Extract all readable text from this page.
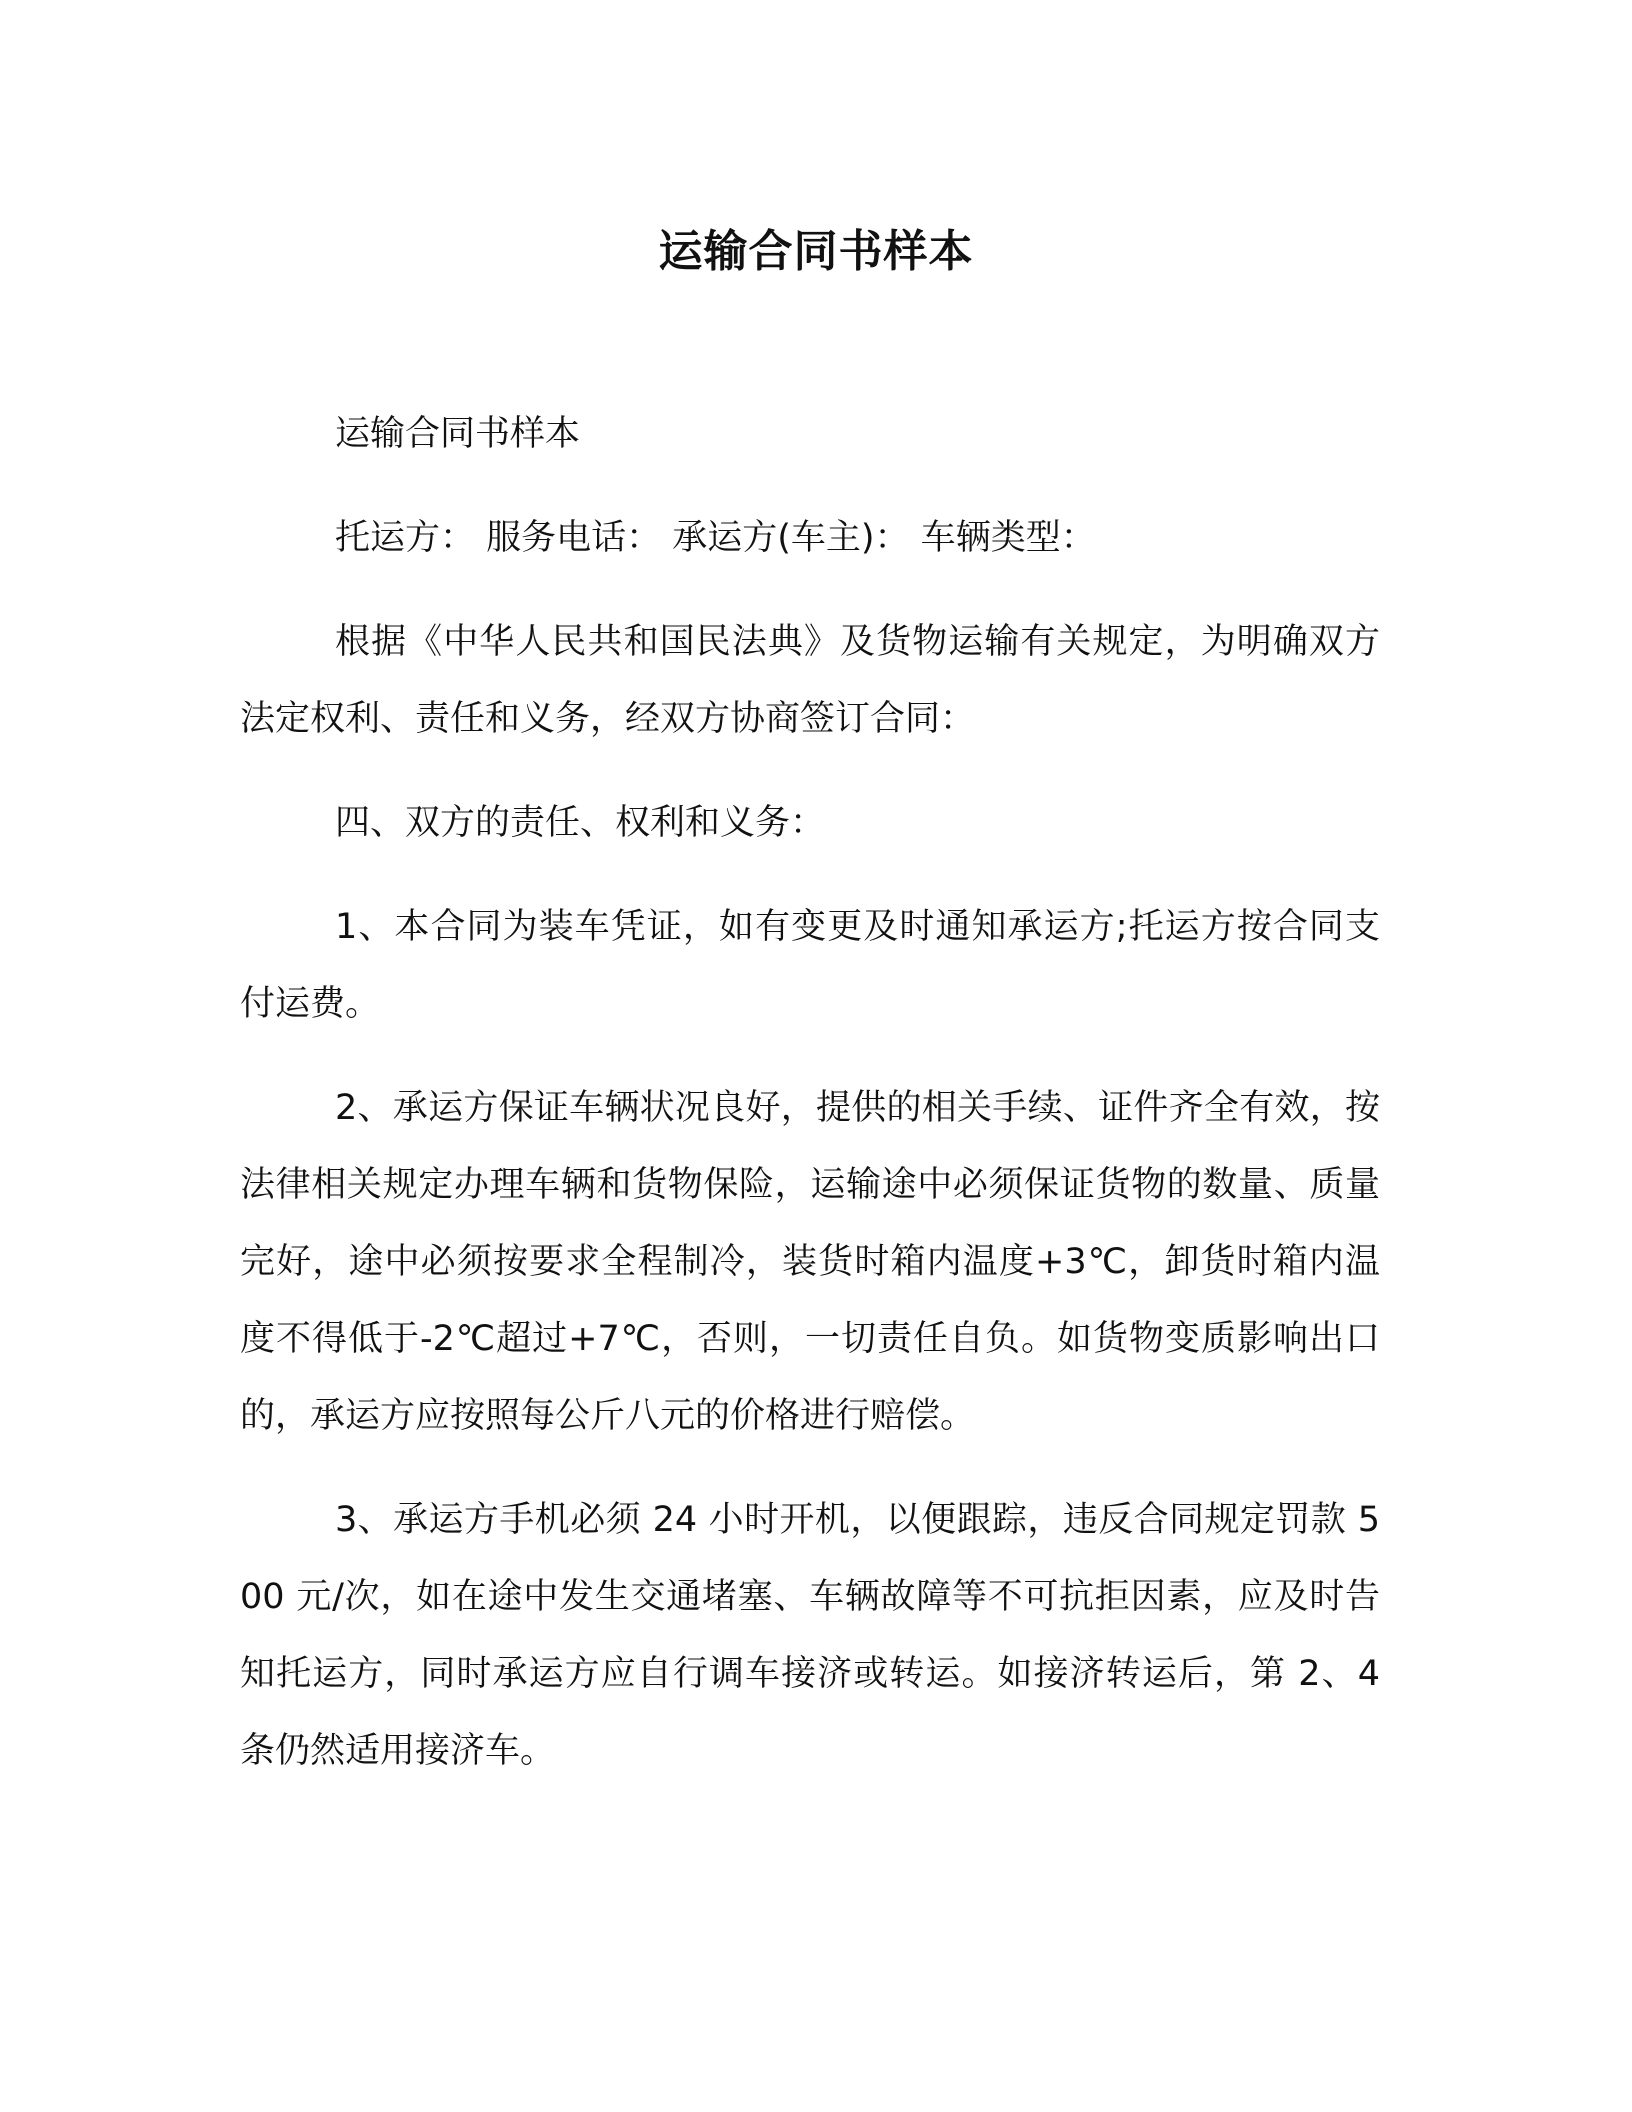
运输合同书样本

运输合同书样本

托运方： 服务电话： 承运方(车主)： 车辆类型：

根据《中华人民共和国民法典》及货物运输有关规定，为明确双方法定权利、责任和义务，经双方协商签订合同：

四、双方的责任、权利和义务：

1、本合同为装车凭证，如有变更及时通知承运方;托运方按合同支付运费。

2、承运方保证车辆状况良好，提供的相关手续、证件齐全有效，按法律相关规定办理车辆和货物保险，运输途中必须保证货物的数量、质量完好，途中必须按要求全程制冷，装货时箱内温度+3℃，卸货时箱内温度不得低于-2℃超过+7℃，否则，一切责任自负。如货物变质影响出口的，承运方应按照每公斤八元的价格进行赔偿。

3、承运方手机必须 24 小时开机，以便跟踪，违反合同规定罚款 500 元/次，如在途中发生交通堵塞、车辆故障等不可抗拒因素，应及时告知托运方，同时承运方应自行调车接济或转运。如接济转运后，第 2、4 条仍然适用接济车。
